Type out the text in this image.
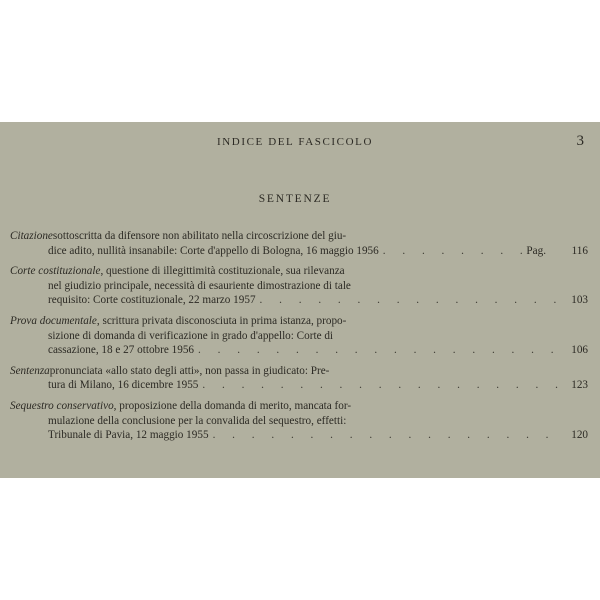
INDICE DEL FASCICOLO	3
SENTENZE
Citazione sottoscritta da difensore non abilitato nella circoscrizione del giu-
dice adito, nullità insanabile: Corte d'appello di Bologna, 16 maggio 1956 . . .	Pag.	116
Corte costituzionale , questione di illegittimità costituzionale, sua rilevanza
nel giudizio principale, necessità di esauriente dimostrazione di tale
requisito: Corte costituzionale, 22 marzo 1957 . . .	103
Prova documentale , scrittura privata disconosciuta in prima istanza, propo-
sizione di domanda di verificazione in grado d'appello: Corte di
cassazione, 18 e 27 ottobre 1956 . . .	106
Sentenza pronunciata «allo stato degli atti», non passa in giudicato: Pre-
tura di Milano, 16 dicembre 1955 . . .	123
Sequestro conservativo , proposizione della domanda di merito, mancata for-
mulazione della conclusione per la convalida del sequestro, effetti:
Tribunale di Pavia, 12 maggio 1955 . . .	120
